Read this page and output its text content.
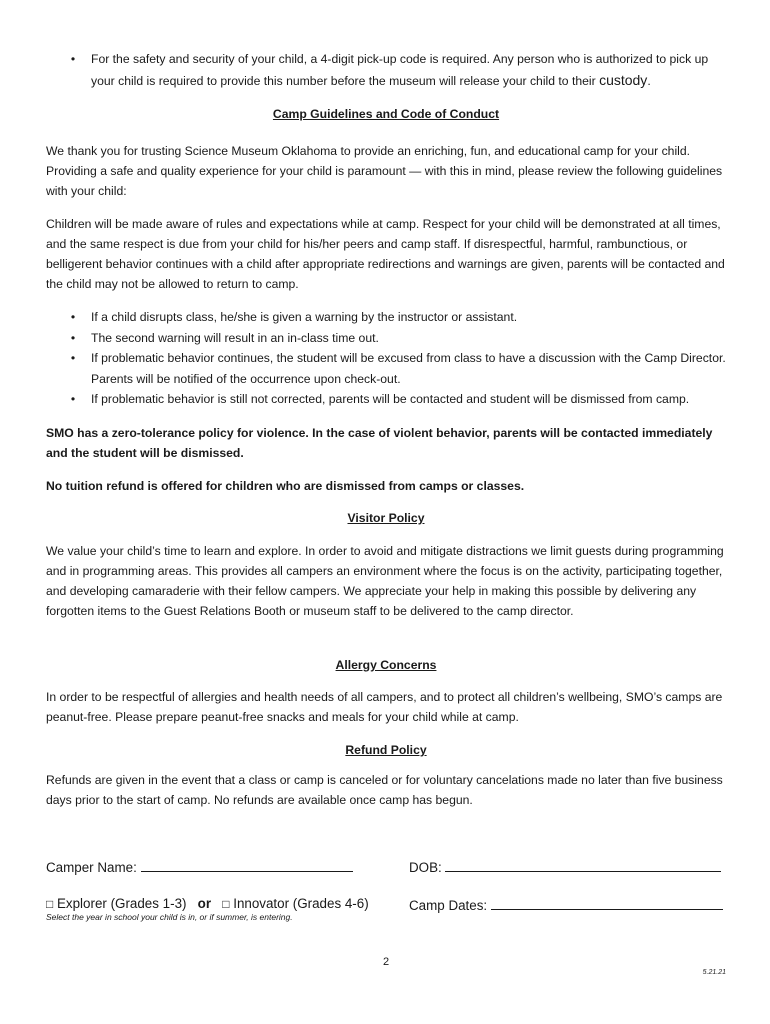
• For the safety and security of your child, a 4-digit pick-up code is required. Any person who is authorized to pick up your child is required to provide this number before the museum will release your child to their custody.
Camp Guidelines and Code of Conduct

We thank you for trusting Science Museum Oklahoma to provide an enriching, fun, and educational camp for your child. Providing a safe and quality experience for your child is paramount — with this in mind, please review the following guidelines with your child:

Children will be made aware of rules and expectations while at camp. Respect for your child will be demonstrated at all times, and the same respect is due from your child for his/her peers and camp staff. If disrespectful, harmful, rambunctious, or belligerent behavior continues with a child after appropriate redirections and warnings are given, parents will be contacted and the child may not be allowed to return to camp.

• If a child disrupts class, he/she is given a warning by the instructor or assistant.
• The second warning will result in an in-class time out.
• If problematic behavior continues, the student will be excused from class to have a discussion with the Camp Director. Parents will be notified of the occurrence upon check-out.
• If problematic behavior is still not corrected, parents will be contacted and student will be dismissed from camp.

SMO has a zero-tolerance policy for violence. In the case of violent behavior, parents will be contacted immediately and the student will be dismissed.

No tuition refund is offered for children who are dismissed from camps or classes.

Visitor Policy

We value your child’s time to learn and explore. In order to avoid and mitigate distractions we limit guests during programming and in programming areas. This provides all campers an environment where the focus is on the activity, participating together, and developing camaraderie with their fellow campers. We appreciate your help in making this possible by delivering any forgotten items to the Guest Relations Booth or museum staff to be delivered to the camp director.

Allergy Concerns

In order to be respectful of allergies and health needs of all campers, and to protect all children’s wellbeing, SMO’s camps are peanut-free. Please prepare peanut-free snacks and meals for your child while at camp.

Refund Policy

Refunds are given in the event that a class or camp is canceled or for voluntary cancelations made no later than five business days prior to the start of camp. No refunds are available once camp has begun.

Camper Name:	DOB:
□ Explorer (Grades 1-3) or □ Innovator (Grades 4-6)	Camp Dates:
Select the year in school your child is in, or if summer, is entering.
2
5.21.21
